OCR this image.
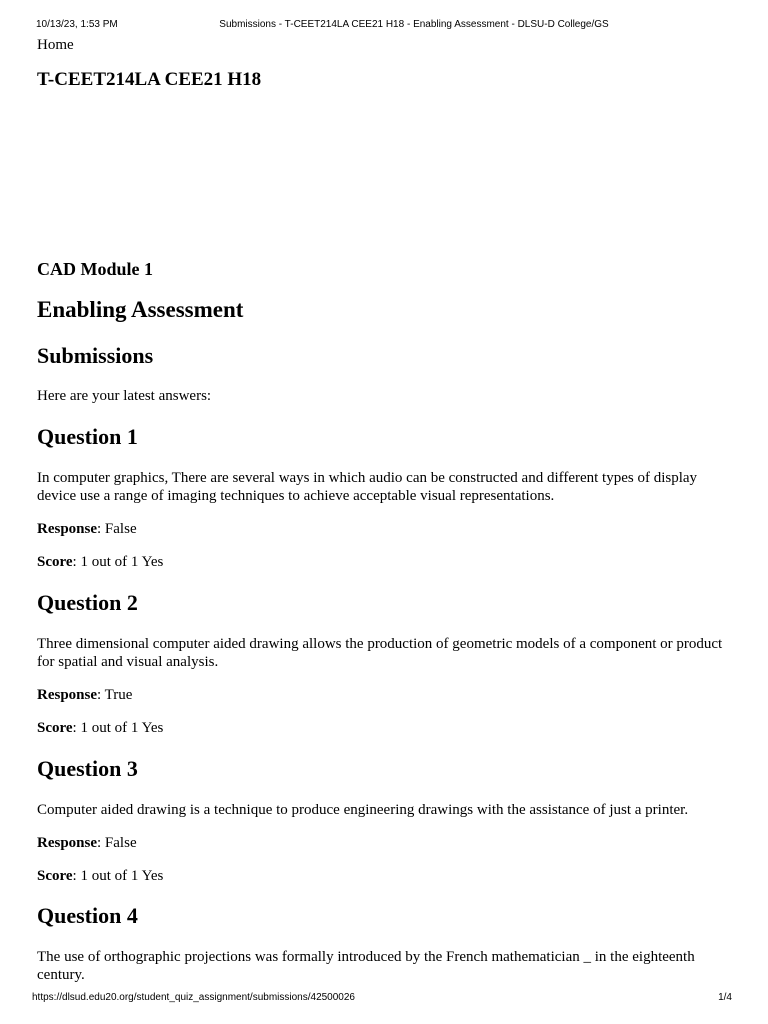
10/13/23, 1:53 PM	Submissions - T-CEET214LA CEE21 H18 - Enabling Assessment - DLSU-D College/GS
Home
T-CEET214LA CEE21 H18
CAD Module 1
Enabling Assessment
Submissions

Here are your latest answers:

Question 1

In computer graphics, There are several ways in which audio can be constructed and different types of display device use a range of imaging techniques to achieve acceptable visual representations.

Response: False

Score: 1 out of 1 Yes

Question 2

Three dimensional computer aided drawing allows the production of geometric models of a component or product for spatial and visual analysis.

Response: True

Score: 1 out of 1 Yes

Question 3

Computer aided drawing is a technique to produce engineering drawings with the assistance of just a printer.

Response: False

Score: 1 out of 1 Yes

Question 4

The use of orthographic projections was formally introduced by the French mathematician _ in the eighteenth century.

https://dlsud.edu20.org/student_quiz_assignment/submissions/42500026	1/4
